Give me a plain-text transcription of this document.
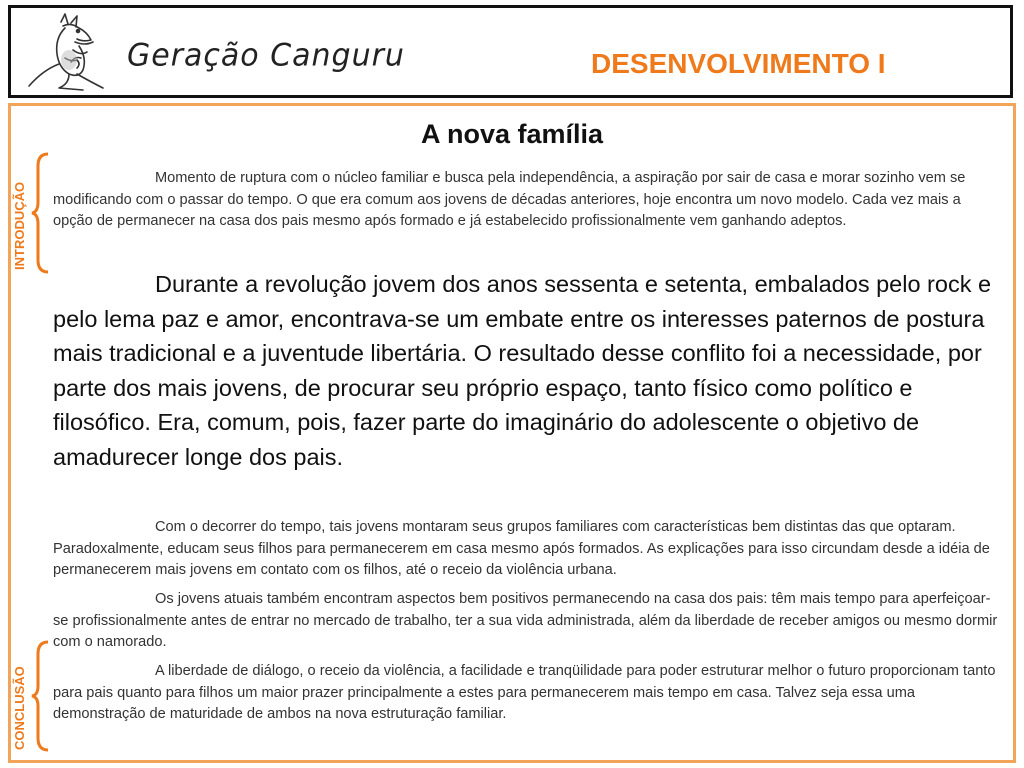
Geração Canguru	DESENVOLVIMENTO I
A nova família
INTRODUÇÃO
CONCLUSÃO

Momento de ruptura com o núcleo familiar e busca pela independência, a aspiração por sair de casa e morar sozinho vem se modificando com o passar do tempo. O que era comum aos jovens de décadas anteriores, hoje encontra um novo modelo. Cada vez mais a opção de permanecer na casa dos pais mesmo após formado e já estabelecido profissionalmente vem ganhando adeptos.

Durante a revolução jovem dos anos sessenta e setenta, embalados pelo rock e pelo lema paz e amor, encontrava-se um embate entre os interesses paternos de postura mais tradicional e a juventude libertária. O resultado desse conflito foi a necessidade, por parte dos mais jovens, de procurar seu próprio espaço, tanto físico como político e filosófico. Era, comum, pois, fazer parte do imaginário do adolescente o objetivo de amadurecer longe dos pais.

Com o decorrer do tempo, tais jovens montaram seus grupos familiares com características bem distintas das que optaram. Paradoxalmente, educam seus filhos para permanecerem em casa mesmo após formados. As explicações para isso circundam desde a idéia de permanecerem mais jovens em contato com os filhos, até o receio da violência urbana.

Os jovens atuais também encontram aspectos bem positivos permanecendo na casa dos pais: têm mais tempo para aperfeiçoar-se profissionalmente antes de entrar no mercado de trabalho, ter a sua vida administrada, além da liberdade de receber amigos ou mesmo dormir com o namorado.

A liberdade de diálogo, o receio da violência, a facilidade e tranqüilidade para poder estruturar melhor o futuro proporcionam tanto para pais quanto para filhos um maior prazer principalmente a estes para permanecerem mais tempo em casa. Talvez seja essa uma demonstração de maturidade de ambos na nova estruturação familiar.
